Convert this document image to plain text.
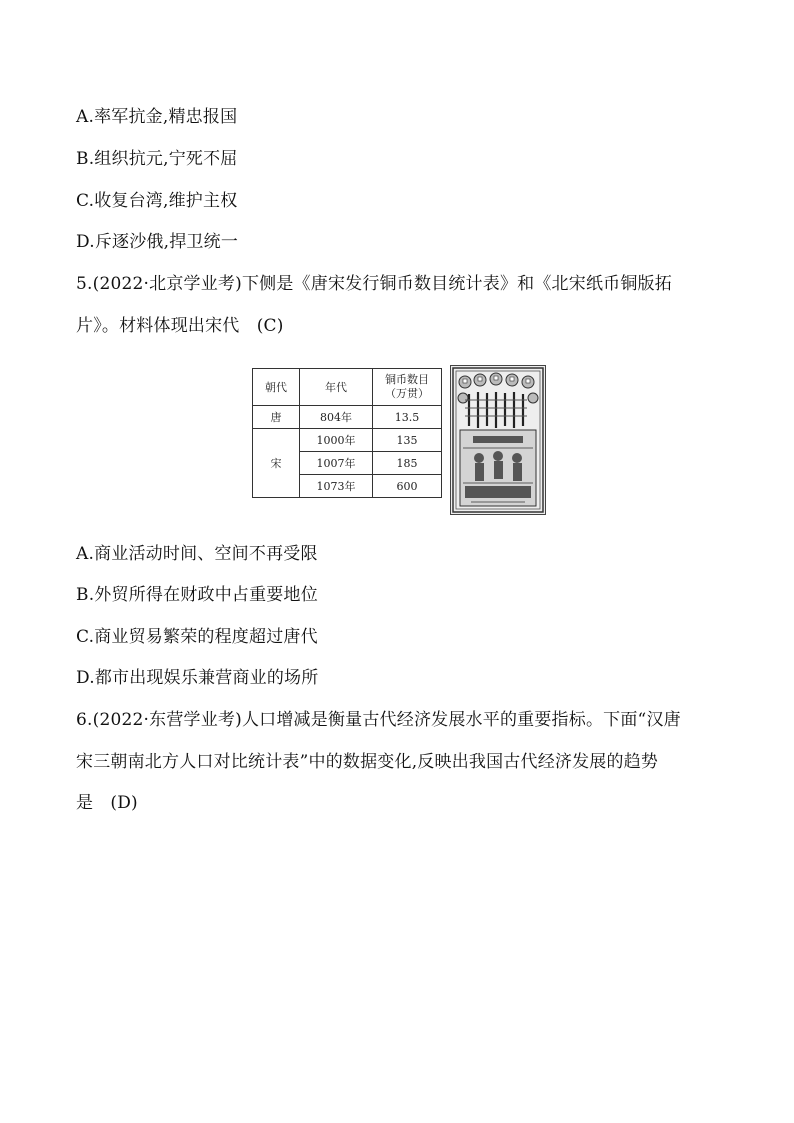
A.率军抗金,精忠报国
B.组织抗元,宁死不屈
C.收复台湾,维护主权
D.斥逐沙俄,捍卫统一
5.(2022·北京学业考)下侧是《唐宋发行铜币数目统计表》和《北宋纸币铜版拓
片》。材料体现出宋代　(C)
朝代	年代	铜币数目
（万贯）

唐	804年	13.5
宋	1000年	135
	1007年	185
	1073年	600
A.商业活动时间、空间不再受限
B.外贸所得在财政中占重要地位
C.商业贸易繁荣的程度超过唐代
D.都市出现娱乐兼营商业的场所
6.(2022·东营学业考)人口增减是衡量古代经济发展水平的重要指标。下面“汉唐
宋三朝南北方人口对比统计表”中的数据变化,反映出我国古代经济发展的趋势
是　(D)
